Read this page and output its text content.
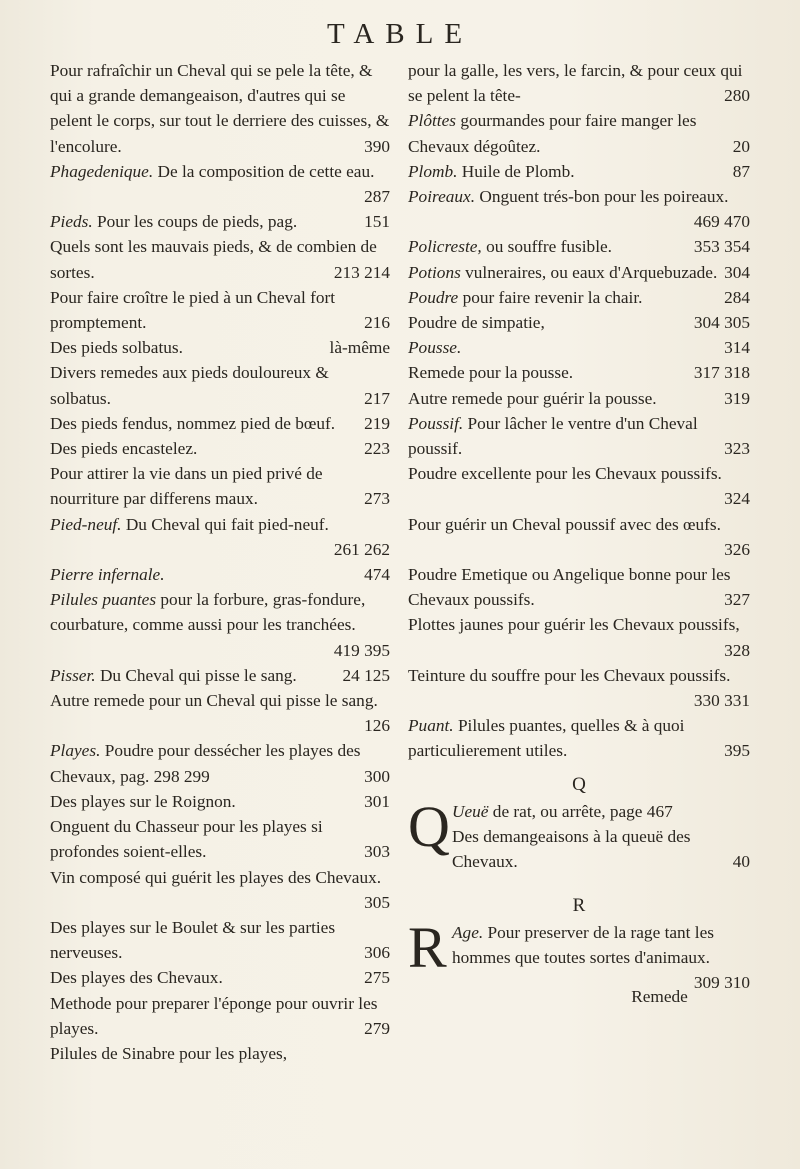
TABLE
Pour rafraîchir un Cheval qui se pele la tête, & qui a grande demangeaison, d'autres qui se pelent le corps, sur tout le derriere des cuisses, & l'encolure.	390
Phagedenique. De la composition de cette eau.
287
Pieds. Pour les coups de pieds, pag.	151
Quels sont les mauvais pieds, & de combien de sortes.	213 214
Pour faire croître le pied à un Cheval fort promptement.	216
Des pieds solbatus.	là-même
Divers remedes aux pieds douloureux & solbatus.	217
Des pieds fendus, nommez pied de bœuf. 219
Des pieds encastelez.	223
Pour attirer la vie dans un pied privé de nourriture par differens maux.	273
Pied-neuf. Du Cheval qui fait pied-neuf.
261 262
Pierre infernale.	474
Pilules puantes pour la forbure, gras-fondure, courbature, comme aussi pour les tranchées.
419 395
Pisser. Du Cheval qui pisse le sang.	24 125
Autre remede pour un Cheval qui pisse le sang.
126
Playes. Poudre pour dessécher les playes des Chevaux, pag. 298 299	300
Des playes sur le Roignon.	301
Onguent du Chasseur pour les playes si profondes soient-elles.	303
Vin composé qui guérit les playes des Chevaux.
305
Des playes sur le Boulet & sur les parties nerveuses.	306
Des playes des Chevaux.	275
Methode pour preparer l'éponge pour ouvrir les playes.	279
Pilules de Sinabre pour les playes,
pour la galle, les vers, le farcin, & pour ceux qui se pelent la tête-	280
Plôttes gourmandes pour faire manger les Chevaux dégoûtez.	20
Plomb. Huile de Plomb.	87
Poireaux. Onguent trés-bon pour les poireaux.
469 470
Policreste, ou souffre fusible.	353 354
Potions vulneraires, ou eaux d'Arquebuzade. 304
Poudre pour faire revenir la chair.	284
Poudre de simpatie,	304 305
Pousse.	314
Remede pour la pousse.	317 318
Autre remede pour guérir la pousse.	319
Poussif. Pour lâcher le ventre d'un Cheval poussif.	323
Poudre excellente pour les Chevaux poussifs.
324
Pour guérir un Cheval poussif avec des œufs.
326
Poudre Emetique ou Angelique bonne pour les Chevaux poussifs.	327
Plottes jaunes pour guérir les Chevaux poussifs,
328
Teinture du souffre pour les Chevaux poussifs.
330 331
Puant. Pilules puantes, quelles & à quoi particulierement utiles.	395
Q
Q Ueuë de rat, ou arrête, page 467
Des demangeaisons à la queuë des Chevaux.	40
R
R Age. Pour preserver de la rage tant les hommes que toutes sortes d'animaux.
309 310
Remede
